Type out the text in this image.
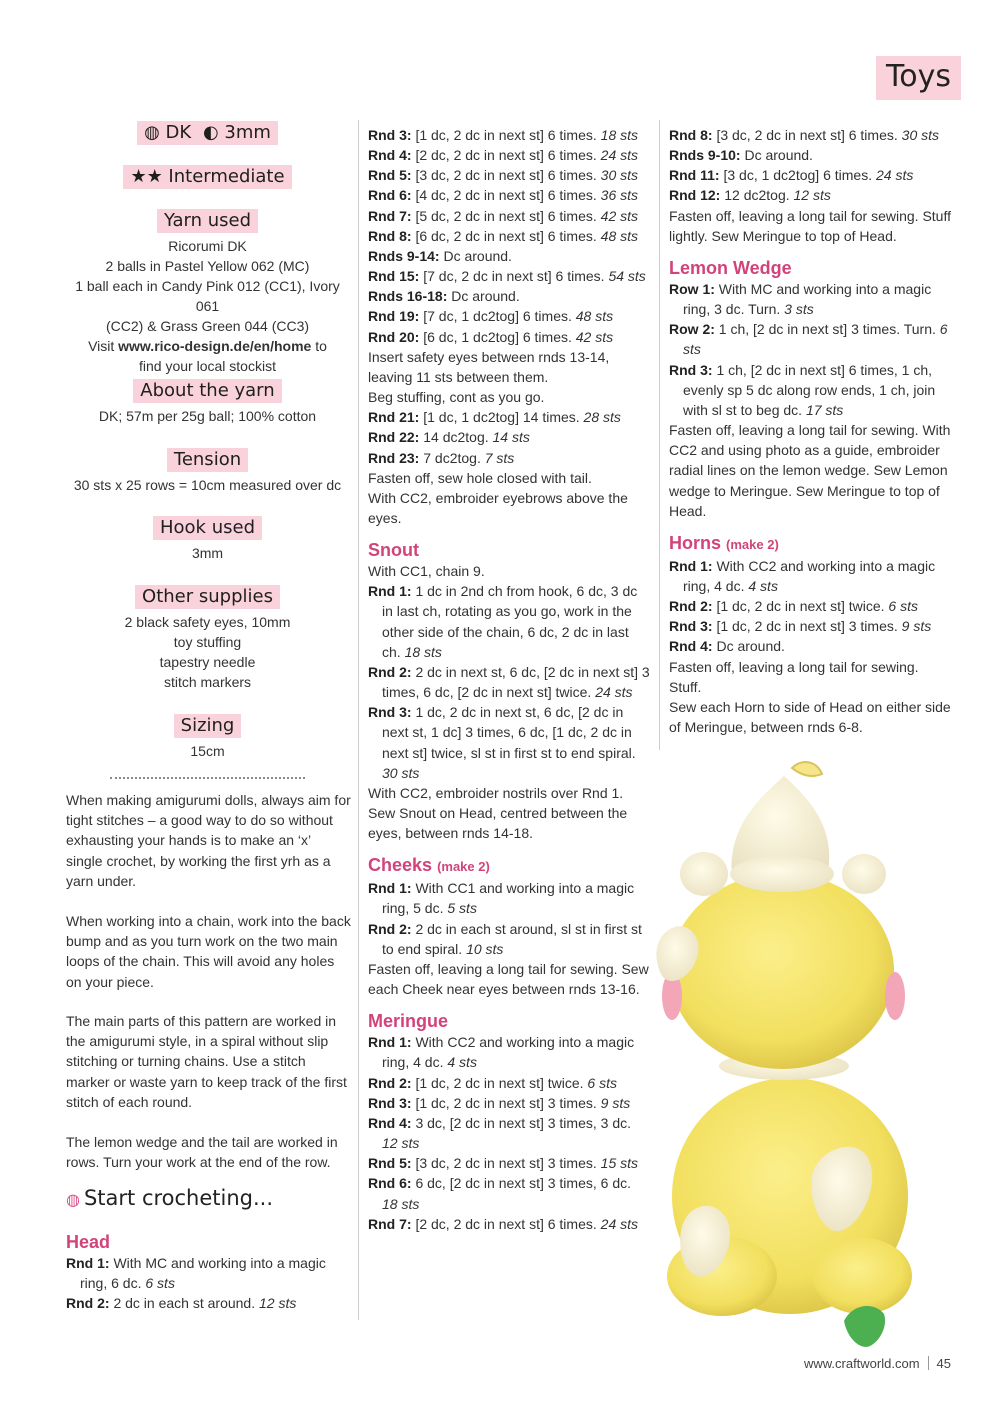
Toys
◍ DK ◐ 3mm
★★ Intermediate
Yarn used
Ricorumi DK
2 balls in Pastel Yellow 062 (MC)
1 ball each in Candy Pink 012 (CC1), Ivory 061
(CC2) & Grass Green 044 (CC3)
Visit www.rico-design.de/en/home to
find your local stockist
About the yarn
DK; 57m per 25g ball; 100% cotton
Tension
30 sts x 25 rows = 10cm measured over dc
Hook used
3mm
Other supplies
2 black safety eyes, 10mm
toy stuffing
tapestry needle
stitch markers
Sizing
15cm

When making amigurumi dolls, always aim for tight stitches – a good way to do so without exhausting your hands is to make an ‘x’ single crochet, by working the first yrh as a yarn under.

When working into a chain, work into the back bump and as you turn work on the two main loops of the chain. This will avoid any holes on your piece.

The main parts of this pattern are worked in the amigurumi style, in a spiral without slip stitching or turning chains. Use a stitch marker or waste yarn to keep track of the first stitch of each round.

The lemon wedge and the tail are worked in rows. Turn your work at the end of the row.

◍ Start crocheting...

Head

Rnd 1: With MC and working into a magic ring, 6 dc. 6 sts

Rnd 2: 2 dc in each st around. 12 sts

Rnd 3: [1 dc, 2 dc in next st] 6 times. 18 sts

Rnd 4: [2 dc, 2 dc in next st] 6 times. 24 sts

Rnd 5: [3 dc, 2 dc in next st] 6 times. 30 sts

Rnd 6: [4 dc, 2 dc in next st] 6 times. 36 sts

Rnd 7: [5 dc, 2 dc in next st] 6 times. 42 sts

Rnd 8: [6 dc, 2 dc in next st] 6 times. 48 sts

Rnds 9-14: Dc around.

Rnd 15: [7 dc, 2 dc in next st] 6 times. 54 sts

Rnds 16-18: Dc around.

Rnd 19: [7 dc, 1 dc2tog] 6 times. 48 sts

Rnd 20: [6 dc, 1 dc2tog] 6 times. 42 sts

Insert safety eyes between rnds 13-14, leaving 11 sts between them.

Beg stuffing, cont as you go.

Rnd 21: [1 dc, 1 dc2tog] 14 times. 28 sts

Rnd 22: 14 dc2tog. 14 sts

Rnd 23: 7 dc2tog. 7 sts

Fasten off, sew hole closed with tail.

With CC2, embroider eyebrows above the eyes.

Snout

With CC1, chain 9.

Rnd 1: 1 dc in 2nd ch from hook, 6 dc, 3 dc in last ch, rotating as you go, work in the other side of the chain, 6 dc, 2 dc in last ch. 18 sts

Rnd 2: 2 dc in next st, 6 dc, [2 dc in next st] 3 times, 6 dc, [2 dc in next st] twice. 24 sts

Rnd 3: 1 dc, 2 dc in next st, 6 dc, [2 dc in next st, 1 dc] 3 times, 6 dc, [1 dc, 2 dc in next st] twice, sl st in first st to end spiral. 30 sts

With CC2, embroider nostrils over Rnd 1. Sew Snout on Head, centred between the eyes, between rnds 14-18.

Cheeks (make 2)

Rnd 1: With CC1 and working into a magic ring, 5 dc. 5 sts

Rnd 2: 2 dc in each st around, sl st in first st to end spiral. 10 sts

Fasten off, leaving a long tail for sewing. Sew each Cheek near eyes between rnds 13-16.

Meringue

Rnd 1: With CC2 and working into a magic ring, 4 dc. 4 sts

Rnd 2: [1 dc, 2 dc in next st] twice. 6 sts

Rnd 3: [1 dc, 2 dc in next st] 3 times. 9 sts

Rnd 4: 3 dc, [2 dc in next st] 3 times, 3 dc. 12 sts

Rnd 5: [3 dc, 2 dc in next st] 3 times. 15 sts

Rnd 6: 6 dc, [2 dc in next st] 3 times, 6 dc. 18 sts

Rnd 7: [2 dc, 2 dc in next st] 6 times. 24 sts

Rnd 8: [3 dc, 2 dc in next st] 6 times. 30 sts

Rnds 9-10: Dc around.

Rnd 11: [3 dc, 1 dc2tog] 6 times. 24 sts

Rnd 12: 12 dc2tog. 12 sts

Fasten off, leaving a long tail for sewing. Stuff lightly. Sew Meringue to top of Head.

Lemon Wedge

Row 1: With MC and working into a magic ring, 3 dc. Turn. 3 sts

Row 2: 1 ch, [2 dc in next st] 3 times. Turn. 6 sts

Rnd 3: 1 ch, [2 dc in next st] 6 times, 1 ch, evenly sp 5 dc along row ends, 1 ch, join with sl st to beg dc. 17 sts

Fasten off, leaving a long tail for sewing. With CC2 and using photo as a guide, embroider radial lines on the lemon wedge. Sew Lemon wedge to Meringue. Sew Meringue to top of Head.

Horns (make 2)

Rnd 1: With CC2 and working into a magic ring, 4 dc. 4 sts

Rnd 2: [1 dc, 2 dc in next st] twice. 6 sts

Rnd 3: [1 dc, 2 dc in next st] 3 times. 9 sts

Rnd 4: Dc around.

Fasten off, leaving a long tail for sewing. Stuff.

Sew each Horn to side of Head on either side of Meringue, between rnds 6-8.

www.craftworld.com 45
